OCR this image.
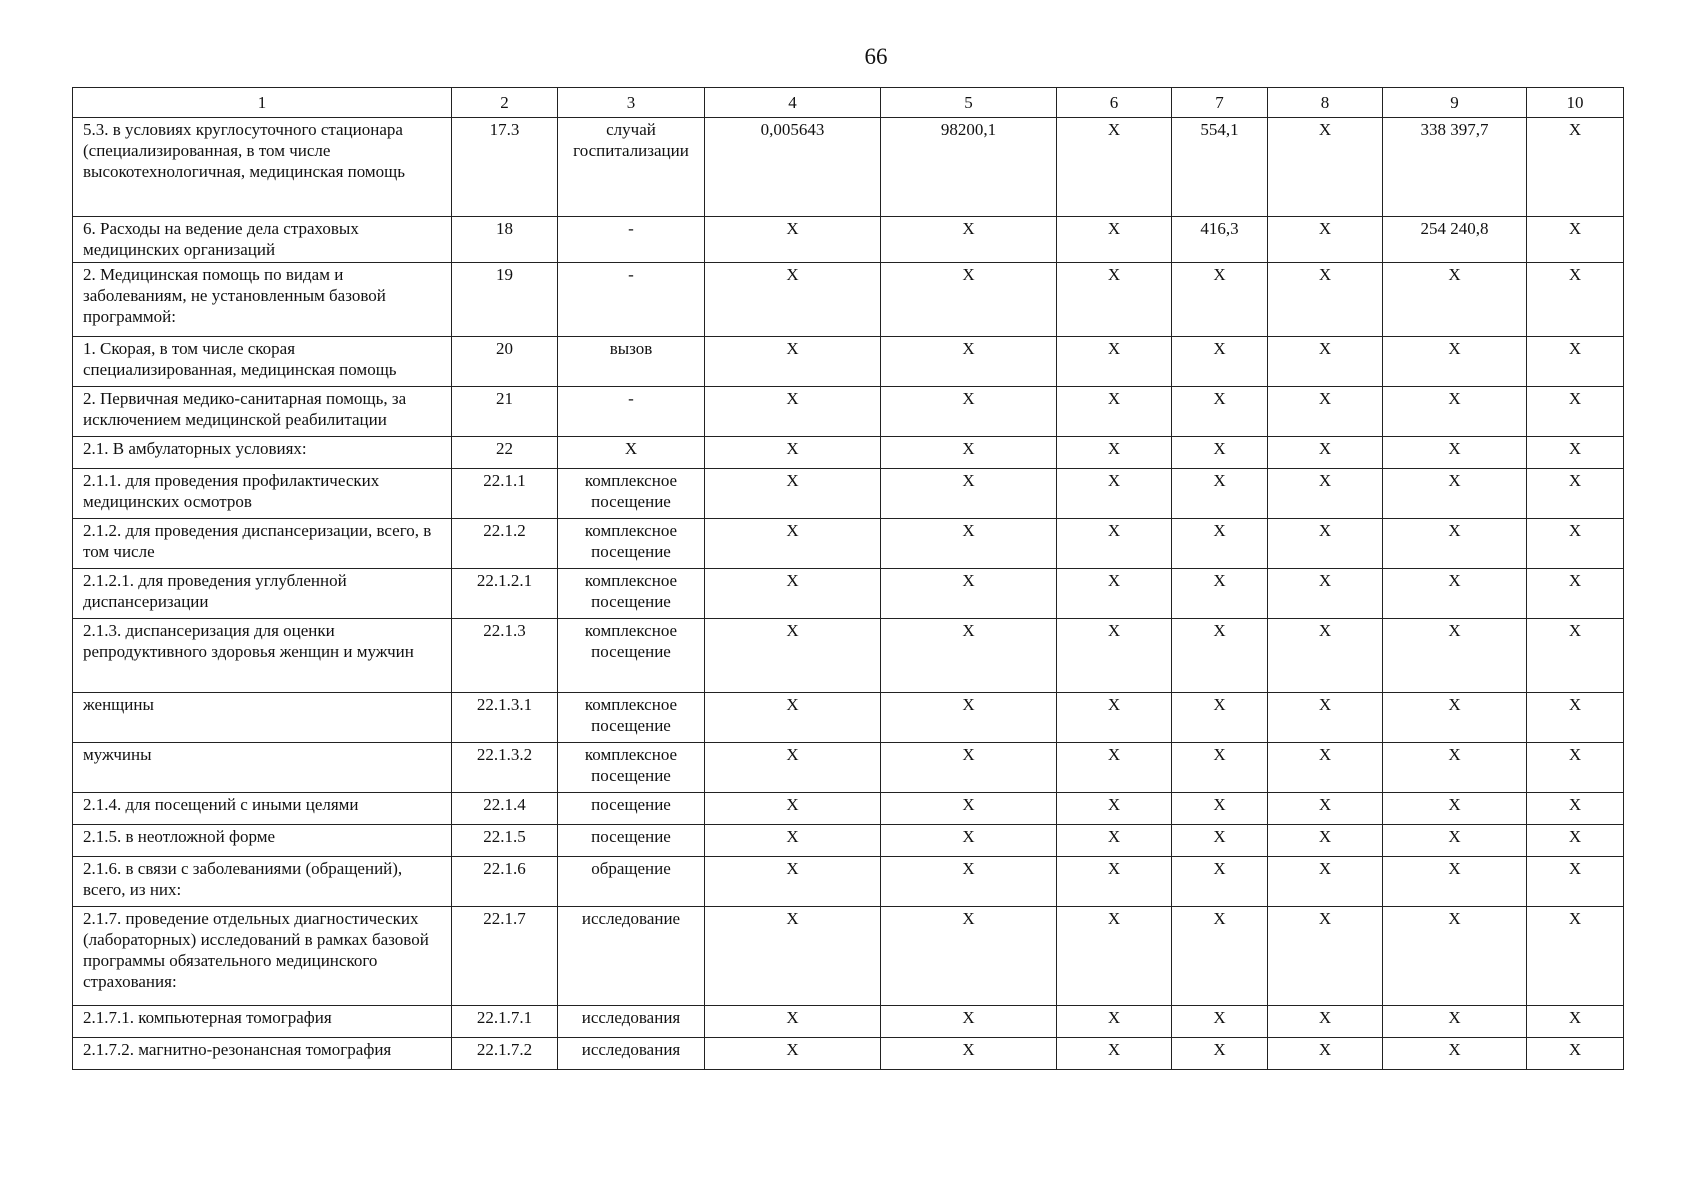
66
1	2	3	4	5	6	7	8	9	10
5.3. в условиях круглосуточного стационара (специализированная, в том числе высокотехнологичная, медицинская помощь	17.3	случай госпитализации	0,005643	98200,1	Х	554,1	Х	338 397,7	Х
6. Расходы на ведение дела страховых медицинских организаций	18	-	Х	Х	Х	416,3	Х	254 240,8	Х
2. Медицинская помощь по видам и заболеваниям, не установленным базовой программой:	19	-	Х	Х	Х	Х	Х	Х	Х
1. Скорая, в том числе скорая специализированная, медицинская помощь	20	вызов	Х	Х	Х	Х	Х	Х	Х
2. Первичная медико-санитарная помощь, за исключением медицинской реабилитации	21	-	Х	Х	Х	Х	Х	Х	Х
2.1. В амбулаторных условиях:	22	Х	Х	Х	Х	Х	Х	Х	Х
2.1.1. для проведения профилактических медицинских осмотров	22.1.1	комплексное посещение	Х	Х	Х	Х	Х	Х	Х
2.1.2. для проведения диспансеризации, всего, в том числе	22.1.2	комплексное посещение	Х	Х	Х	Х	Х	Х	Х
2.1.2.1. для проведения углубленной диспансеризации	22.1.2.1	комплексное посещение	Х	Х	Х	Х	Х	Х	Х
2.1.3. диспансеризация для оценки репродуктивного здоровья женщин и мужчин	22.1.3	комплексное посещение	Х	Х	Х	Х	Х	Х	Х
женщины	22.1.3.1	комплексное посещение	Х	Х	Х	Х	Х	Х	Х
мужчины	22.1.3.2	комплексное посещение	Х	Х	Х	Х	Х	Х	Х
2.1.4. для посещений с иными целями	22.1.4	посещение	Х	Х	Х	Х	Х	Х	Х
2.1.5. в неотложной форме	22.1.5	посещение	Х	Х	Х	Х	Х	Х	Х
2.1.6. в связи с заболеваниями (обращений), всего, из них:	22.1.6	обращение	Х	Х	Х	Х	Х	Х	Х
2.1.7. проведение отдельных диагностических (лабораторных) исследований в рамках базовой программы обязательного медицинского страхования:	22.1.7	исследование	Х	Х	Х	Х	Х	Х	Х
2.1.7.1. компьютерная томография	22.1.7.1	исследования	Х	Х	Х	Х	Х	Х	Х
2.1.7.2. магнитно-резонансная томография	22.1.7.2	исследования	Х	Х	Х	Х	Х	Х	Х
